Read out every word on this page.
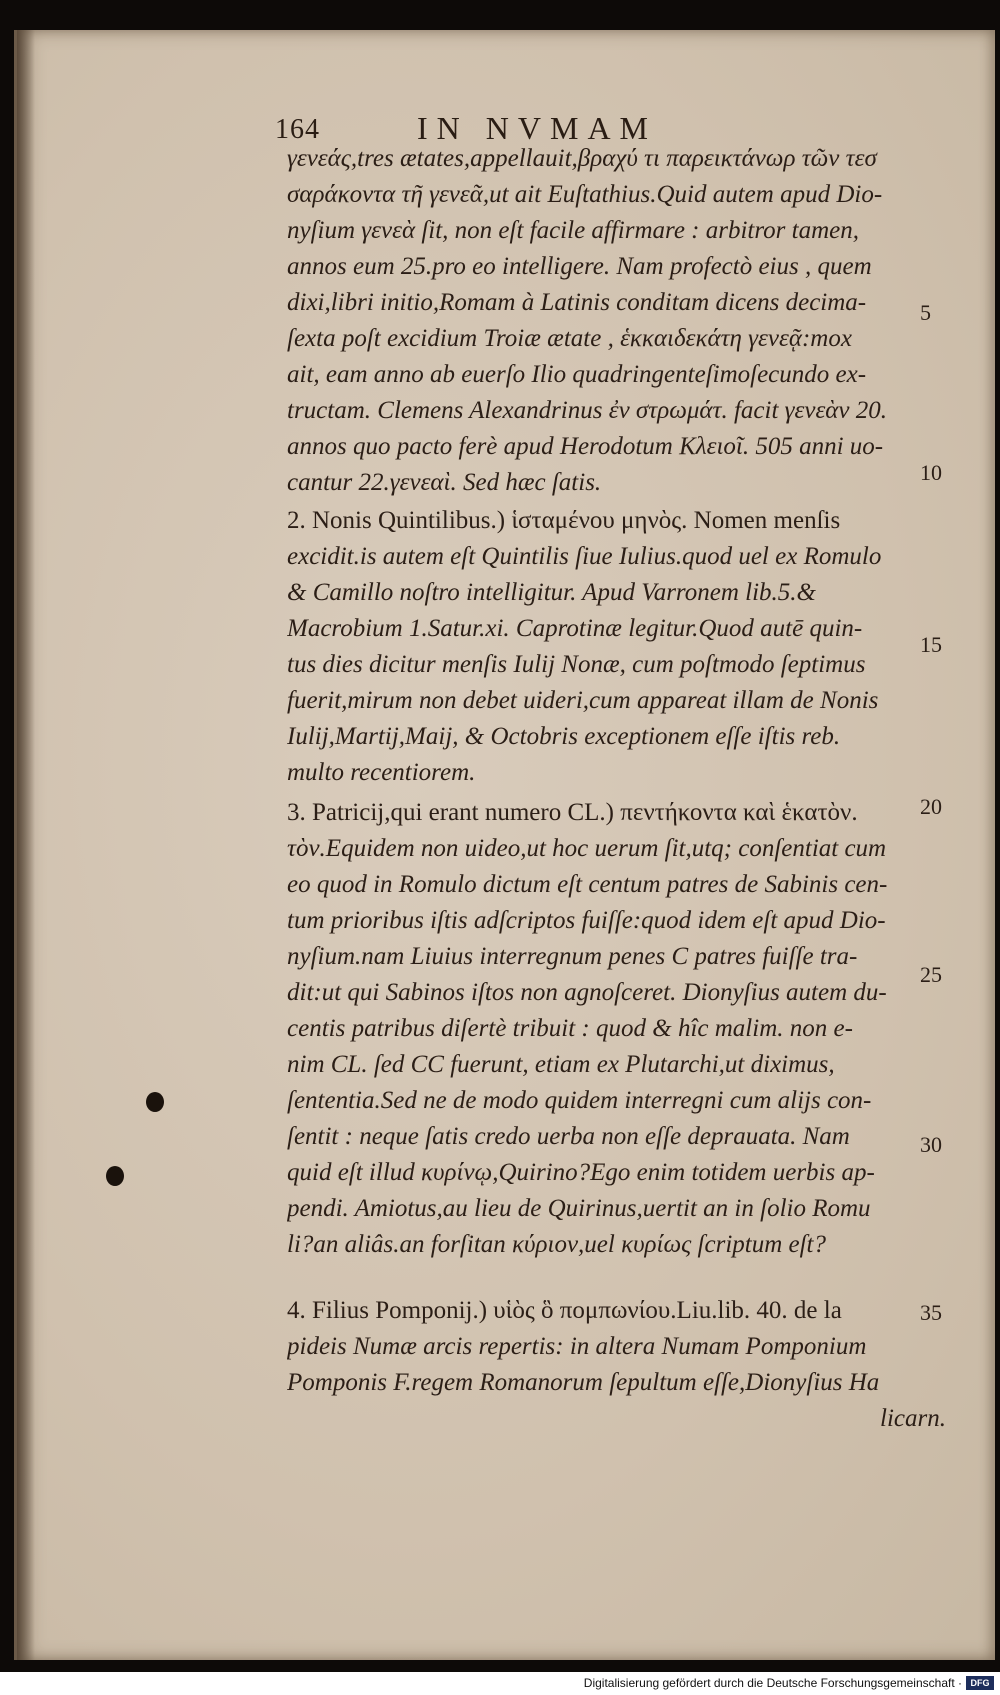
164	IN NVMAM
γενεάς,tres ætates,appellauit,βραχύ τι παρεικτάνωρ τῶν τεσ
σαράκοντα τῆ γενεᾶ,ut ait Euſtathius.Quid autem apud Dio-
nyſium γενεὰ ſit, non eſt facile affirmare : arbitror tamen,
annos eum 25.pro eo intelligere. Nam profectò eius , quem
dixi,libri initio,Romam à Latinis conditam dicens decima-
ſexta poſt excidium Troiæ ætate , ἑκκαιδεκάτη γενεᾷ:mox
ait, eam anno ab euerſo Ilio quadringenteſimoſecundo ex-
tructam. Clemens Alexandrinus ἐν στρωμάτ. facit γενεὰν 20.
annos quo pacto ferè apud Herodotum Κλειοῖ. 505 anni uo-
cantur 22.γενεαὶ. Sed hæc ſatis.
2. Nonis Quintilibus.) ἱσταμένου μηνὸς. Nomen menſis
excidit.is autem eſt Quintilis ſiue Iulius.quod uel ex Romulo
& Camillo noſtro intelligitur. Apud Varronem lib.5.&
Macrobium 1.Satur.xi. Caprotinæ legitur.Quod autē quin-
tus dies dicitur menſis Iulij Nonæ, cum poſtmodo ſeptimus
fuerit,mirum non debet uideri,cum appareat illam de Nonis
Iulij,Martij,Maij, & Octobris exceptionem eſſe iſtis reb.
multo recentiorem.
3. Patricij,qui erant numero CL.) πεντήκοντα καὶ ἑκατὸν.
τὸν.Equidem non uideo,ut hoc uerum ſit,utq; conſentiat cum
eo quod in Romulo dictum eſt centum patres de Sabinis cen-
tum prioribus iſtis adſcriptos fuiſſe:quod idem eſt apud Dio-
nyſium.nam Liuius interregnum penes C patres fuiſſe tra-
dit:ut qui Sabinos iſtos non agnoſceret. Dionyſius autem du-
centis patribus diſertè tribuit : quod & hîc malim. non e-
nim CL. ſed CC fuerunt, etiam ex Plutarchi,ut diximus,
ſententia.Sed ne de modo quidem interregni cum alijs con-
ſentit : neque ſatis credo uerba non eſſe deprauata. Nam
quid eſt illud κυρίνῳ,Quirino?Ego enim totidem uerbis ap-
pendi. Amiotus,au lieu de Quirinus,uertit an in ſolio Romu
li?an aliâs.an forſitan κύριον,uel κυρίως ſcriptum eſt?
4. Filius Pomponij.) υἱὸς ὃ πομπωνίου.Liu.lib. 40. de la
pideis Numæ arcis repertis: in altera Numam Pomponium
Pomponis F.regem Romanorum ſepultum eſſe,Dionyſius Ha
licarn.
5
10
15
20
25
30
35
Digitalisierung gefördert durch die Deutsche Forschungsgemeinschaft · DFG
